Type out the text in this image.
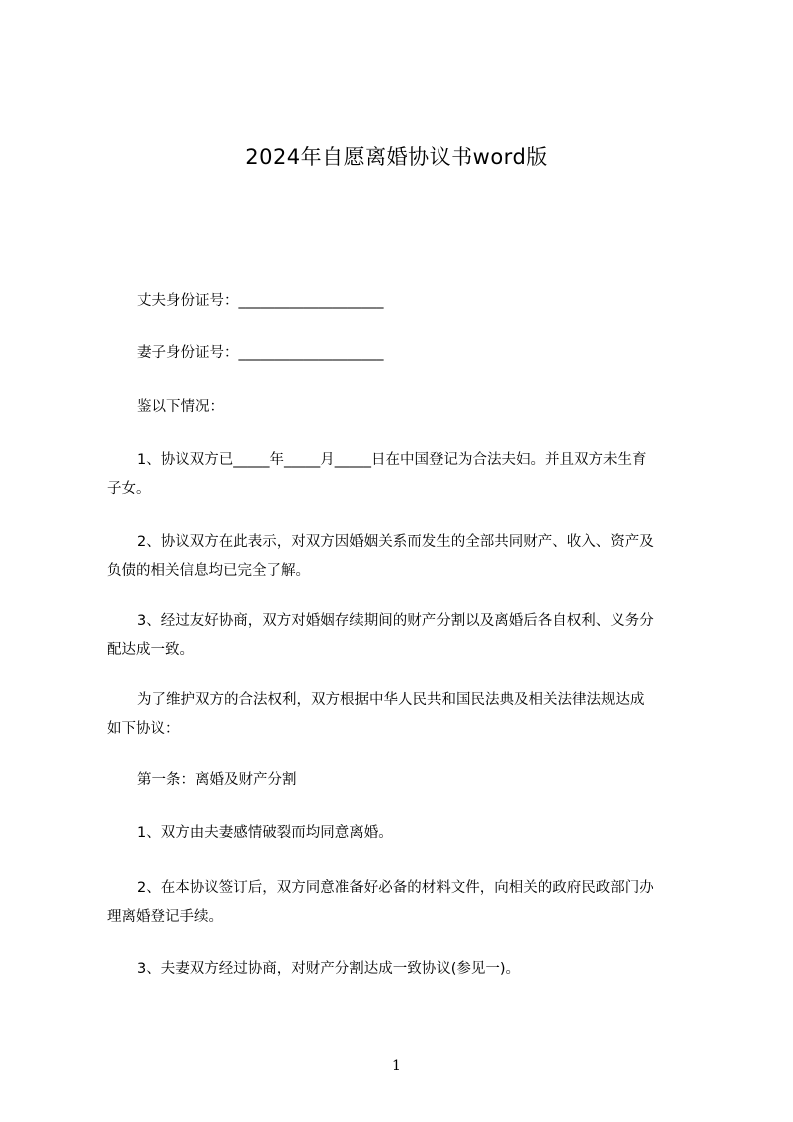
2024年自愿离婚协议书word版
丈夫身份证号：____________________
妻子身份证号：____________________
鉴以下情况：
1、协议双方已_____年_____月_____日在中国登记为合法夫妇。并且双方未生育
子女。
2、协议双方在此表示，对双方因婚姻关系而发生的全部共同财产、收入、资产及
负债的相关信息均已完全了解。
3、经过友好协商，双方对婚姻存续期间的财产分割以及离婚后各自权利、义务分
配达成一致。
为了维护双方的合法权利，双方根据中华人民共和国民法典及相关法律法规达成
如下协议：
第一条：离婚及财产分割
1、双方由夫妻感情破裂而均同意离婚。
2、在本协议签订后，双方同意准备好必备的材料文件，向相关的政府民政部门办
理离婚登记手续。
3、夫妻双方经过协商，对财产分割达成一致协议(参见一)。
1
